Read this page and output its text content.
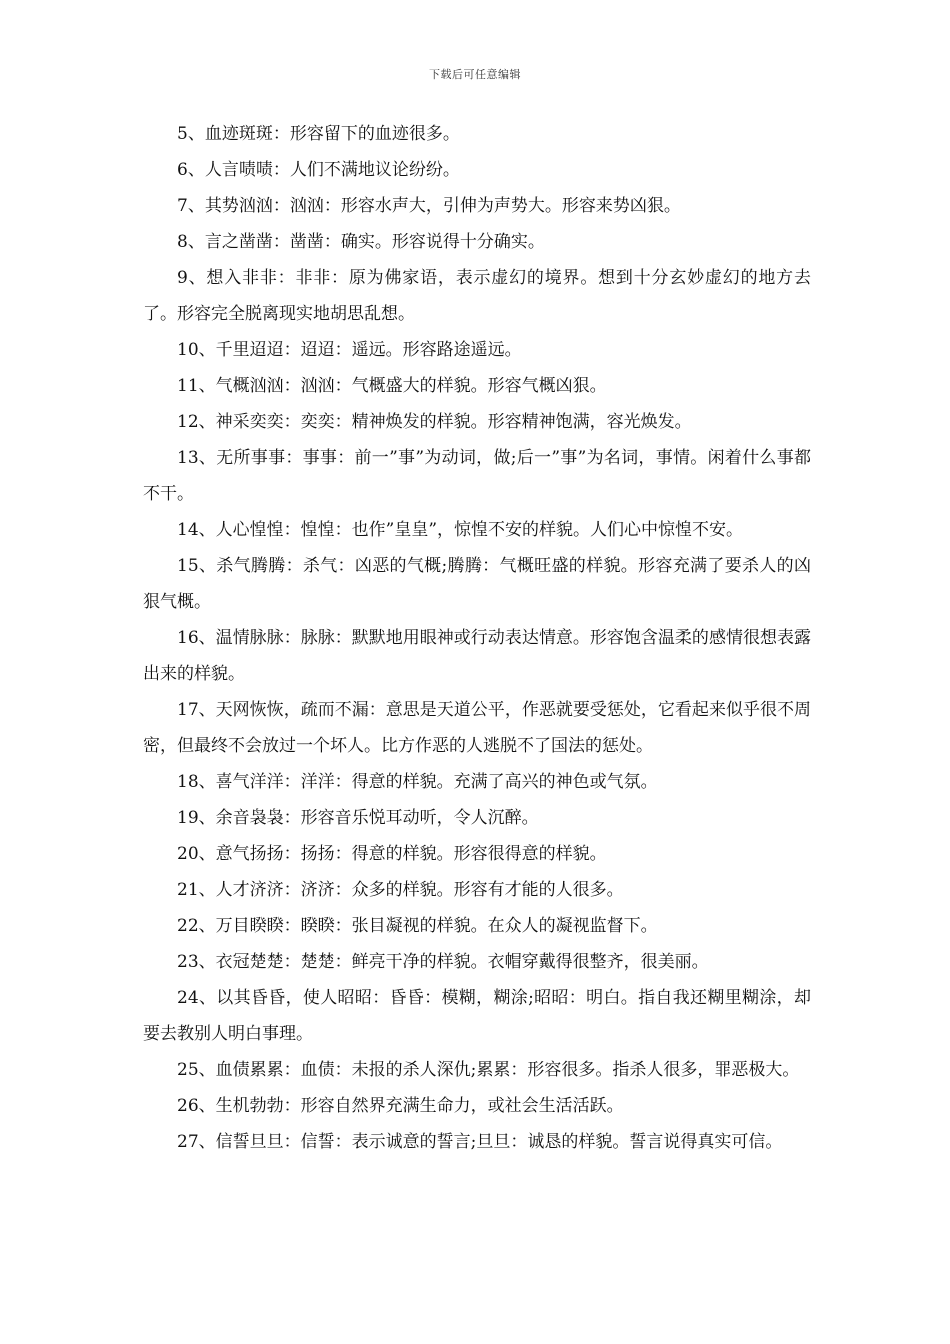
下载后可任意编辑

5、血迹斑斑：形容留下的血迹很多。

6、人言啧啧：人们不满地议论纷纷。

7、其势汹汹：汹汹：形容水声大，引伸为声势大。形容来势凶狠。

8、言之凿凿：凿凿：确实。形容说得十分确实。

9、想入非非：非非：原为佛家语，表示虚幻的境界。想到十分玄妙虚幻的地方去了。形容完全脱离现实地胡思乱想。

10、千里迢迢：迢迢：遥远。形容路途遥远。

11、气概汹汹：汹汹：气概盛大的样貌。形容气概凶狠。

12、神采奕奕：奕奕：精神焕发的样貌。形容精神饱满，容光焕发。

13、无所事事：事事：前一”事”为动词，做;后一”事”为名词，事情。闲着什么事都不干。

14、人心惶惶：惶惶：也作”皇皇”，惊惶不安的样貌。人们心中惊惶不安。

15、杀气腾腾：杀气：凶恶的气概;腾腾：气概旺盛的样貌。形容充满了要杀人的凶狠气概。

16、温情脉脉：脉脉：默默地用眼神或行动表达情意。形容饱含温柔的感情很想表露出来的样貌。

17、天网恢恢，疏而不漏：意思是天道公平，作恶就要受惩处，它看起来似乎很不周密，但最终不会放过一个坏人。比方作恶的人逃脱不了国法的惩处。

18、喜气洋洋：洋洋：得意的样貌。充满了高兴的神色或气氛。

19、余音袅袅：形容音乐悦耳动听，令人沉醉。

20、意气扬扬：扬扬：得意的样貌。形容很得意的样貌。

21、人才济济：济济：众多的样貌。形容有才能的人很多。

22、万目睽睽：睽睽：张目凝视的样貌。在众人的凝视监督下。

23、衣冠楚楚：楚楚：鲜亮干净的样貌。衣帽穿戴得很整齐，很美丽。

24、以其昏昏，使人昭昭：昏昏：模糊，糊涂;昭昭：明白。指自我还糊里糊涂，却要去教别人明白事理。

25、血债累累：血债：未报的杀人深仇;累累：形容很多。指杀人很多，罪恶极大。

26、生机勃勃：形容自然界充满生命力，或社会生活活跃。

27、信誓旦旦：信誓：表示诚意的誓言;旦旦：诚恳的样貌。誓言说得真实可信。
